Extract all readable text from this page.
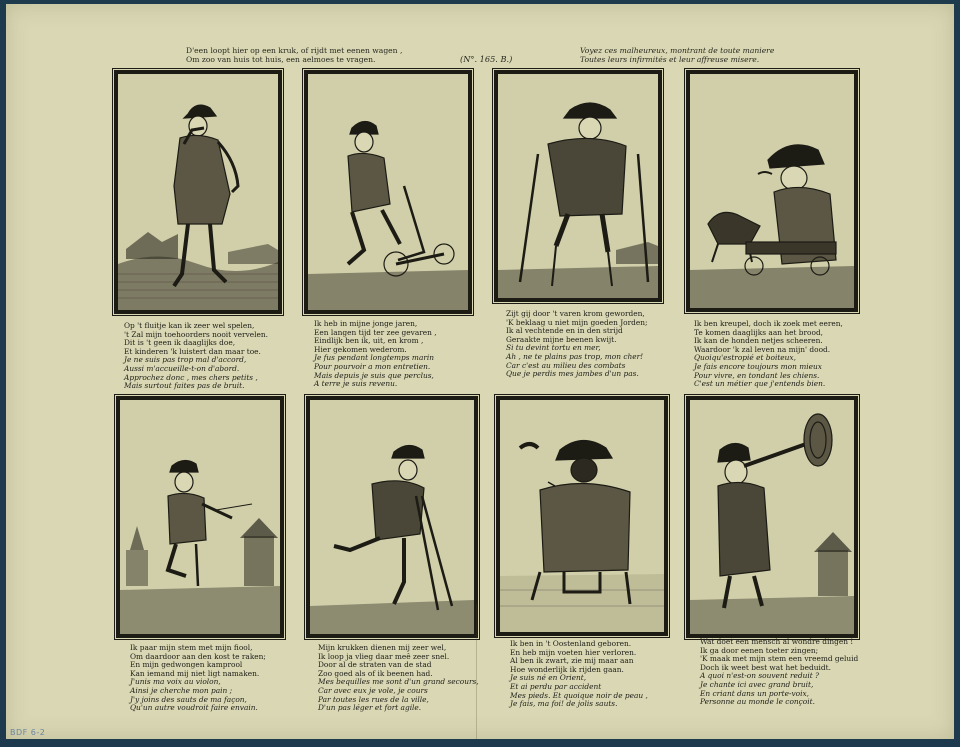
D'een loopt hier op een kruk, of rijdt met eenen wagen ,
Om zoo van huis tot huis, een aelmoes te vragen.	(N°. 165. B.)
Voyez ces malheureux, montrant de toute maniere
Toutes leurs infirmités et leur affreuse misere.
Op 't fluitje kan ik zeer wel spelen,
't Zal mijn toehoorders nooit vervelen.
Dit is 't geen ik daaglijks doe,
Et kinderen 'k luistert dan maar toe.
Je ne suis pas trop mal d'accord,
Aussi m'accueille-t-on d'abord.
Approchez donc , mes chers petits ,
Mais surtout faites pas de bruit.
Ik heb in mijne jonge jaren,
Een langen tijd ter zee gevaren ,
Eindlijk ben ik, uit, en krom ,
Hier gekomen wederom.
Je fus pendant longtemps marin
Pour pourvoir a mon entretien.
Mais depuis je suis que perclus,
A terre je suis revenu.
Zijt gij door 't varen krom geworden,
'K beklaag u niet mijn goeden Jorden;
Ik al vechtende en in den strijd
Geraakte mijne beenen kwijt.
Si tu devint tortu en mer,
Ah , ne te plains pas trop, mon cher!
Car c'est au milieu des combats
Que je perdis mes jambes d'un pas.
Ik ben kreupel, doch ik zoek met eeren,
Te komen daaglijks aan het brood,
Ik kan de honden netjes scheeren.
Waardoor 'k zal leven na mijn' dood.
Quoiqu'estropié et boiteux,
Je fais encore toujours mon mieux
Pour vivre, en tondant les chiens.
C'est un métier que j'entends bien.
Ik paar mijn stem met mijn fiool,
Om daardoor aan den kost te raken;
En mijn gedwongen kamprool
Kan iemand mij niet ligt namaken.
J'unis ma voix au violon,
Ainsi je cherche mon pain ;
J'y joins des sauts de ma façon,
Qu'un autre voudroit faire envain.
Mijn krukken dienen mij zeer wel,
Ik loop ja vlieg daar meê zeer snel.
Door al de straten van de stad
Zoo goed als of ik beenen had.
Mes bequilles me sont d'un grand secours,
Car avec eux je vole, je cours
Par toutes les rues de la ville,
D'un pas léger et fort agile.
Ik ben in 't Oostenland geboren.
En heb mijn voeten hier verloren.
Al ben ik zwart, zie mij maar aan
Hoe wonderlijk ik rijden gaan.
Je suis né en Orient,
Et ai perdu par accident
Mes pieds. Et quoique noir de peau ,
Je fais, ma foi! de jolis sauts.
Wat doet een mensch al wondre dingen !
Ik ga door eenen toeter zingen;
'K maak met mijn stem een vreemd geluid
Doch ik weet best wat het beduidt.
A quoi n'est-on souvent reduit ?
Je chante ici avec grand bruit,
En criant dans un porte-voix,
Personne au monde le conçoit.
BDF 6-2
